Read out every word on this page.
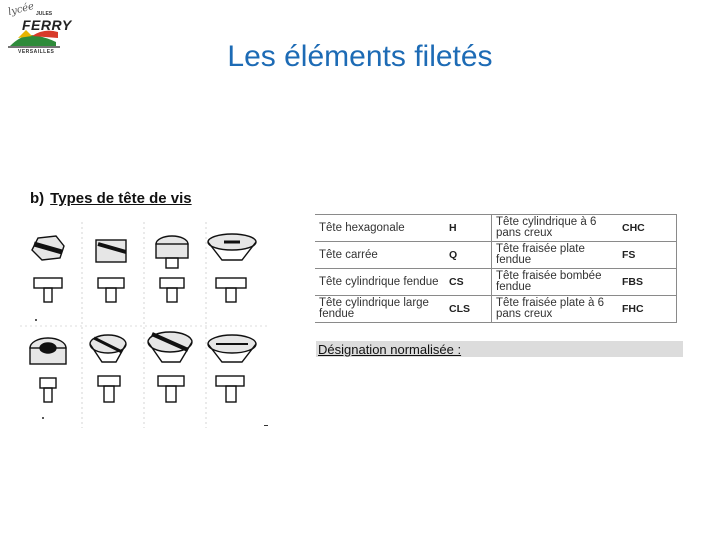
lycée JULES
FERRY
VERSAILLES	Les éléments filetés
b) Types de tête de vis
Tête hexagonale	H	Tête cylindrique à 6 pans creux	CHC
Tête carrée	Q	Tête fraisée plate fendue	FS
Tête cylindrique fendue	CS	Tête fraisée bombée fendue	FBS
Tête cylindrique large fendue	CLS	Tête fraisée plate à 6 pans creux	FHC
Désignation normalisée :
